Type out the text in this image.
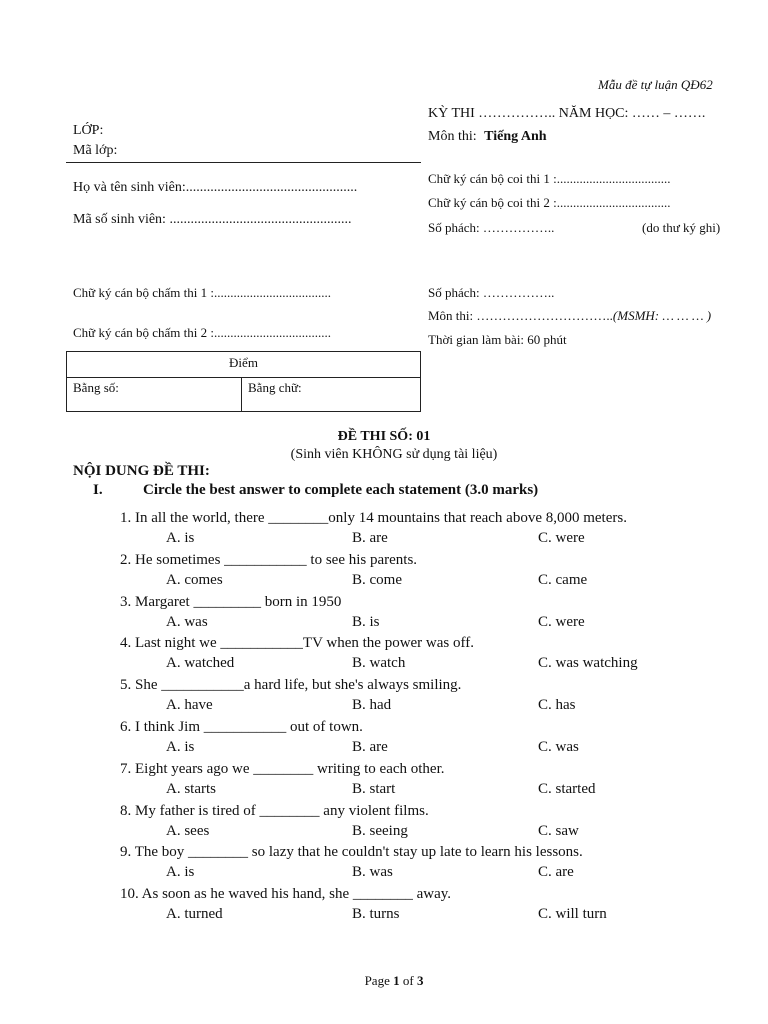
Mẫu đề tự luận QĐ62
LỚP:
Mã lớp:
Họ và tên sinh viên:.................................................
Mã số sinh viên: ....................................................
Chữ ký cán bộ chấm thi 1 :....................................
Chữ ký cán bộ chấm thi 2 :....................................
KỲ THI …………….. NĂM HỌC: …… – …….
Môn thi: Tiếng Anh
Chữ ký cán bộ coi thi 1 :...................................
Chữ ký cán bộ coi thi 2 :...................................
Số phách: ……………..	(do thư ký ghi)
Số phách: ……………..
Môn thi: …………………………..(MSMH: … … … )
Thời gian làm bài: 60 phút
Điểm
Bằng số:	Bằng chữ:
ĐỀ THI SỐ: 01
(Sinh viên KHÔNG sử dụng tài liệu)
NỘI DUNG ĐỀ THI:
I.	Circle the best answer to complete each statement (3.0 marks)
1. In all the world, there ________only 14 mountains that reach above 8,000 meters.
A. is	B. are	C. were
2. He sometimes ___________ to see his parents.
A. comes	B. come	C. came
3. Margaret _________ born in 1950
A. was	B. is	C. were
4. Last night we ___________TV when the power was off.
A. watched	B. watch	C. was watching
5. She ___________a hard life, but she's always smiling.
A. have	B. had	C. has
6. I think Jim ___________ out of town.
A. is	B. are	C. was
7. Eight years ago we ________ writing to each other.
A. starts	B. start	C. started
8. My father is tired of ________ any violent films.
A. sees	B. seeing	C. saw
9. The boy ________ so lazy that he couldn't stay up late to learn his lessons.
A. is	B. was	C. are
10. As soon as he waved his hand, she ________ away.
A. turned	B. turns	C. will turn
Page 1 of 3
